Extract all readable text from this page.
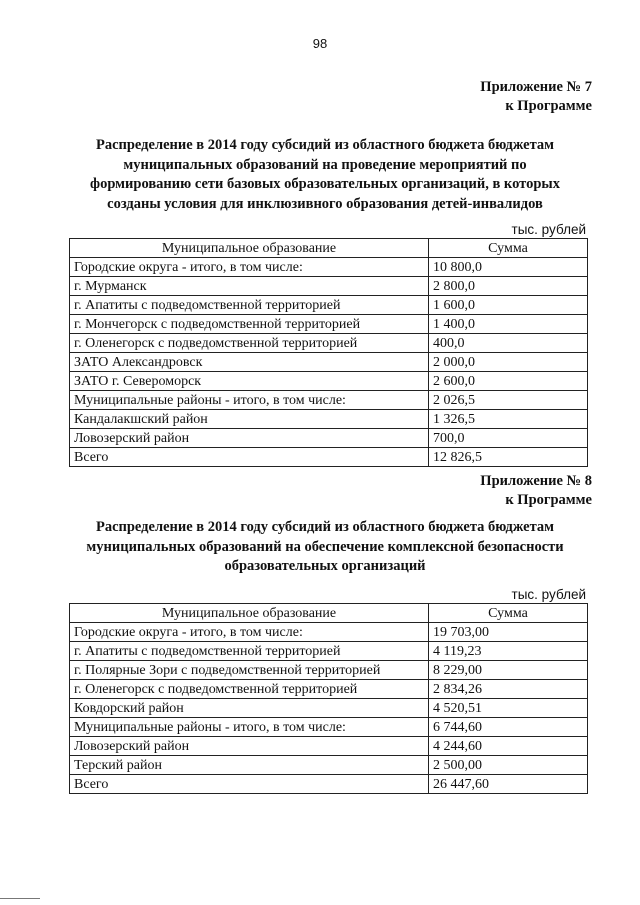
98
Приложение № 7
к Программе
Распределение в 2014 году субсидий из областного бюджета бюджетам
муниципальных образований на проведение мероприятий по
формированию сети базовых образовательных организаций, в которых
созданы условия для инклюзивного образования детей-инвалидов
тыс. рублей
Муниципальное образование	Сумма
Городские округа - итого, в том числе:	10 800,0
г. Мурманск	2 800,0
г. Апатиты с подведомственной территорией	1 600,0
г. Мончегорск с подведомственной территорией	1 400,0
г. Оленегорск с подведомственной территорией	400,0
ЗАТО Александровск	2 000,0
ЗАТО г. Североморск	2 600,0
Муниципальные районы - итого, в том числе:	2 026,5
Кандалакшский район	1 326,5
Ловозерский район	700,0
Всего	12 826,5
Приложение № 8
к Программе
Распределение в 2014 году субсидий из областного бюджета бюджетам
муниципальных образований на обеспечение комплексной безопасности
образовательных организаций
тыс. рублей
Муниципальное образование	Сумма
Городские округа - итого, в том числе:	19 703,00
г. Апатиты с подведомственной территорией	4 119,23
г. Полярные Зори с подведомственной территорией	8 229,00
г. Оленегорск с подведомственной территорией	2 834,26
Ковдорский район	4 520,51
Муниципальные районы - итого, в том числе:	6 744,60
Ловозерский район	4 244,60
Терский район	2 500,00
Всего	26 447,60
